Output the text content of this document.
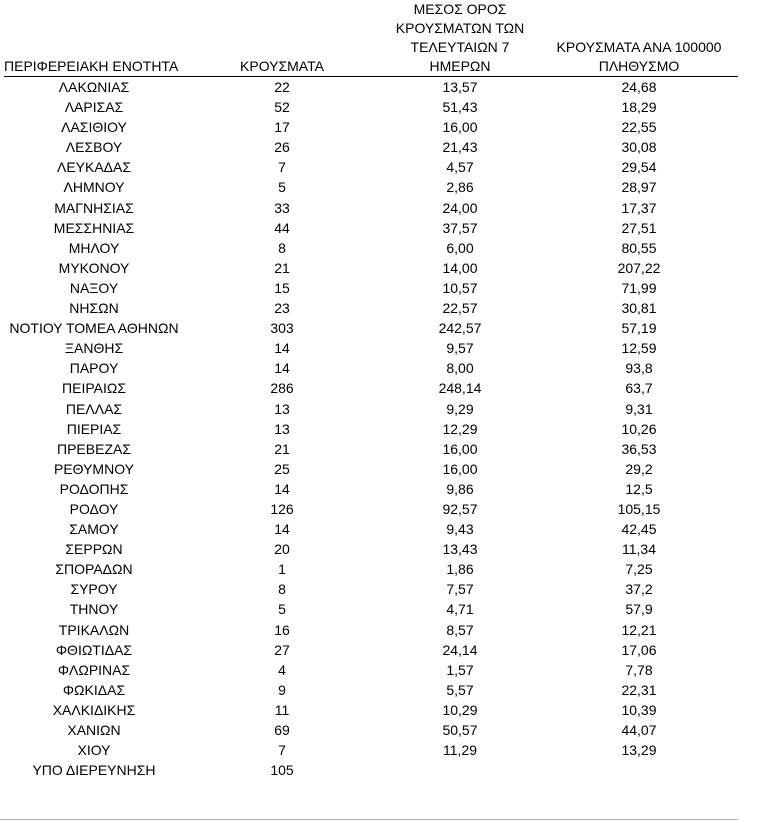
ΠΕΡΙΦΕΡΕΙΑΚΗ ΕΝΟΤΗΤΑ	ΚΡΟΥΣΜΑΤΑ	ΜΕΣΟΣ ΟΡΟΣ ΚΡΟΥΣΜΑΤΩΝ ΤΩΝ ΤΕΛΕΥΤΑΙΩΝ 7 ΗΜΕΡΩΝ	ΚΡΟΥΣΜΑΤΑ ΑΝΑ 100000 ΠΛΗΘΥΣΜΟ
ΛΑΚΩΝΙΑΣ	22	13,57	24,68
ΛΑΡΙΣΑΣ	52	51,43	18,29
ΛΑΣΙΘΙΟΥ	17	16,00	22,55
ΛΕΣΒΟΥ	26	21,43	30,08
ΛΕΥΚΑΔΑΣ	7	4,57	29,54
ΛΗΜΝΟΥ	5	2,86	28,97
ΜΑΓΝΗΣΙΑΣ	33	24,00	17,37
ΜΕΣΣΗΝΙΑΣ	44	37,57	27,51
ΜΗΛΟΥ	8	6,00	80,55
ΜΥΚΟΝΟΥ	21	14,00	207,22
ΝΑΞΟΥ	15	10,57	71,99
ΝΗΣΩΝ	23	22,57	30,81
ΝΟΤΙΟΥ ΤΟΜΕΑ ΑΘΗΝΩΝ	303	242,57	57,19
ΞΑΝΘΗΣ	14	9,57	12,59
ΠΑΡΟΥ	14	8,00	93,8
ΠΕΙΡΑΙΩΣ	286	248,14	63,7
ΠΕΛΛΑΣ	13	9,29	9,31
ΠΙΕΡΙΑΣ	13	12,29	10,26
ΠΡΕΒΕΖΑΣ	21	16,00	36,53
ΡΕΘΥΜΝΟΥ	25	16,00	29,2
ΡΟΔΟΠΗΣ	14	9,86	12,5
ΡΟΔΟΥ	126	92,57	105,15
ΣΑΜΟΥ	14	9,43	42,45
ΣΕΡΡΩΝ	20	13,43	11,34
ΣΠΟΡΑΔΩΝ	1	1,86	7,25
ΣΥΡΟΥ	8	7,57	37,2
ΤΗΝΟΥ	5	4,71	57,9
ΤΡΙΚΑΛΩΝ	16	8,57	12,21
ΦΘΙΩΤΙΔΑΣ	27	24,14	17,06
ΦΛΩΡΙΝΑΣ	4	1,57	7,78
ΦΩΚΙΔΑΣ	9	5,57	22,31
ΧΑΛΚΙΔΙΚΗΣ	11	10,29	10,39
ΧΑΝΙΩΝ	69	50,57	44,07
ΧΙΟΥ	7	11,29	13,29
ΥΠΟ ΔΙΕΡΕΥΝΗΣΗ	105		
